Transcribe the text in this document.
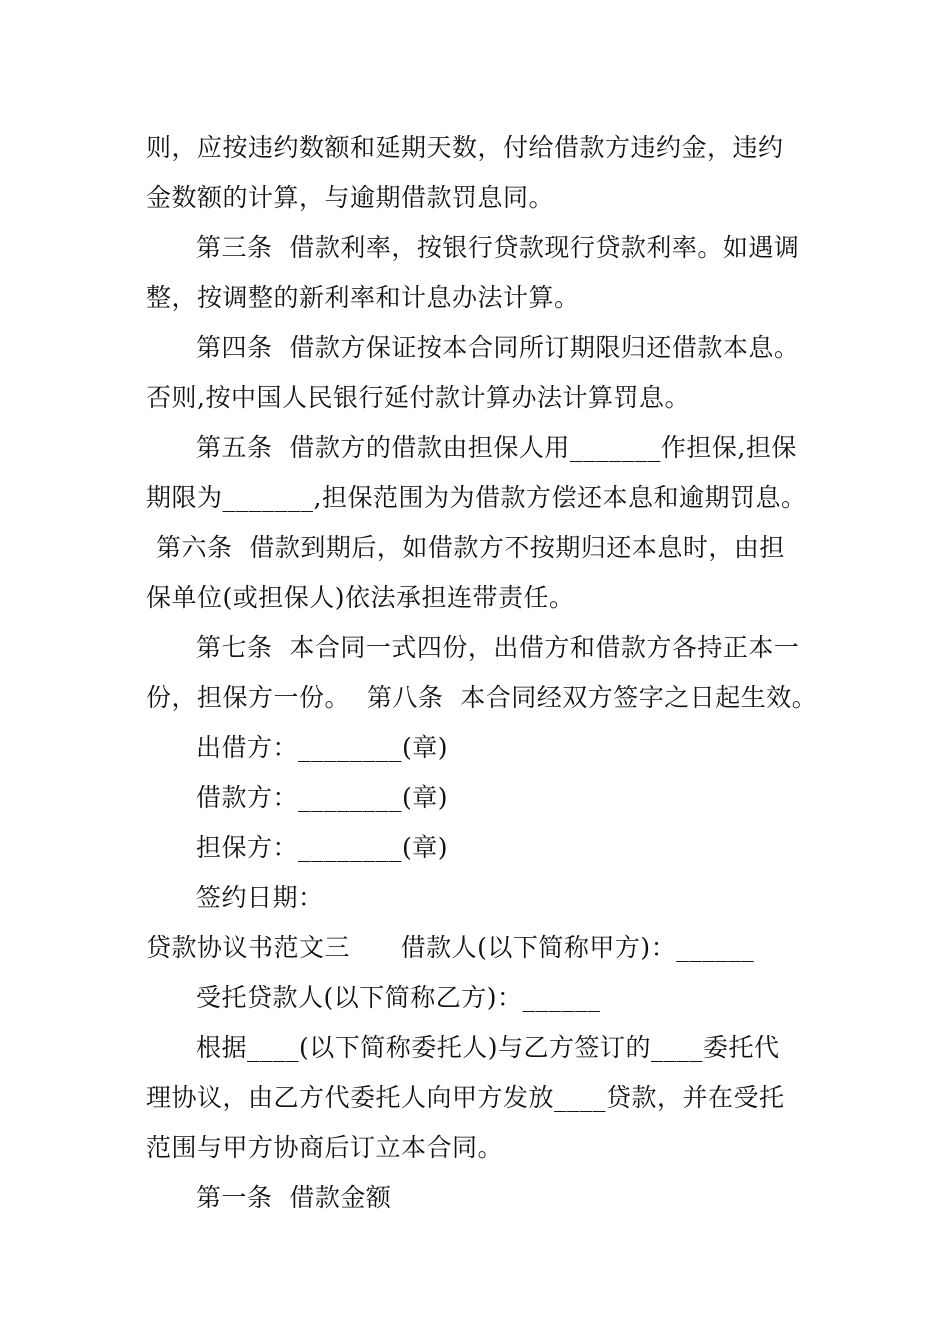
则，应按违约数额和延期天数，付给借款方违约金，违约
金数额的计算，与逾期借款罚息同。
第三条  借款利率，按银行贷款现行贷款利率。如遇调
整，按调整的新利率和计息办法计算。
第四条  借款方保证按本合同所订期限归还借款本息。
否则,按中国人民银行延付款计算办法计算罚息。
第五条  借款方的借款由担保人用_______作担保,担保
期限为_______,担保范围为为借款方偿还本息和逾期罚息。
第六条  借款到期后，如借款方不按期归还本息时，由担
保单位(或担保人)依法承担连带责任。
第七条  本合同一式四份，出借方和借款方各持正本一
份，担保方一份。  第八条  本合同经双方签字之日起生效。
出借方：________(章)
借款方：________(章)
担保方：________(章)
签约日期：
贷款协议书范文三      借款人(以下简称甲方)：______
受托贷款人(以下简称乙方)：______
根据____(以下简称委托人)与乙方签订的____委托代
理协议，由乙方代委托人向甲方发放____贷款，并在受托
范围与甲方协商后订立本合同。
第一条  借款金额
